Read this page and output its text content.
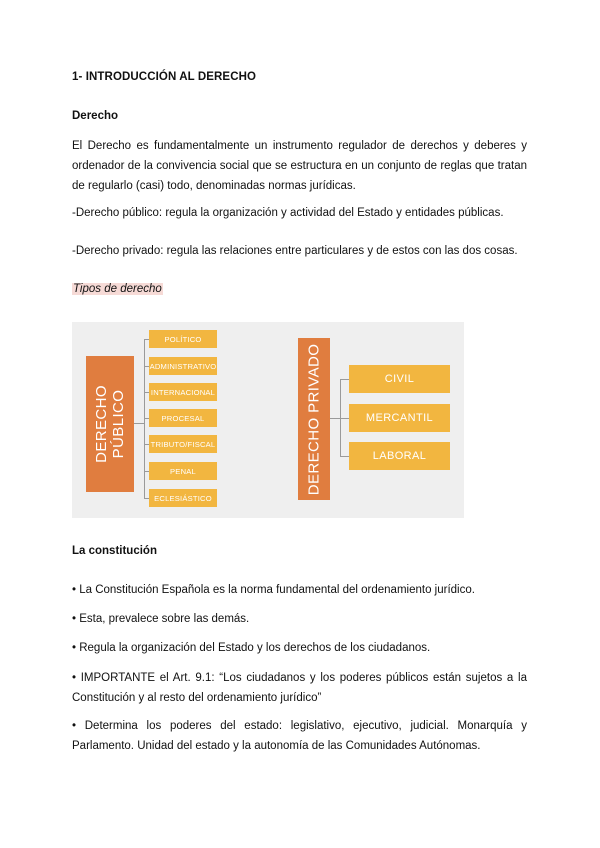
1- INTRODUCCIÓN AL DERECHO
Derecho
El Derecho es fundamentalmente un instrumento regulador de derechos y deberes y ordenador de la convivencia social que se estructura en un conjunto de reglas que tratan de regularlo (casi) todo, denominadas normas jurídicas.
-Derecho público: regula la organización y actividad del Estado y entidades públicas.
-Derecho privado: regula las relaciones entre particulares y de estos con las dos cosas.
Tipos de derecho
DERECHO PÚBLICO
POLÍTICO
ADMINISTRATIVO
INTERNACIONAL
PROCESAL
TRIBUTO/FISCAL
PENAL
ECLESIÁSTICO
DERECHO PRIVADO	CIVIL
MERCANTIL
LABORAL
La constitución
• La Constitución Española es la norma fundamental del ordenamiento jurídico.
• Esta, prevalece sobre las demás.
• Regula la organización del Estado y los derechos de los ciudadanos.
• IMPORTANTE el Art. 9.1: “Los ciudadanos y los poderes públicos están sujetos a la Constitución y al resto del ordenamiento jurídico”
• Determina los poderes del estado: legislativo, ejecutivo, judicial. Monarquía y Parlamento. Unidad del estado y la autonomía de las Comunidades Autónomas.
